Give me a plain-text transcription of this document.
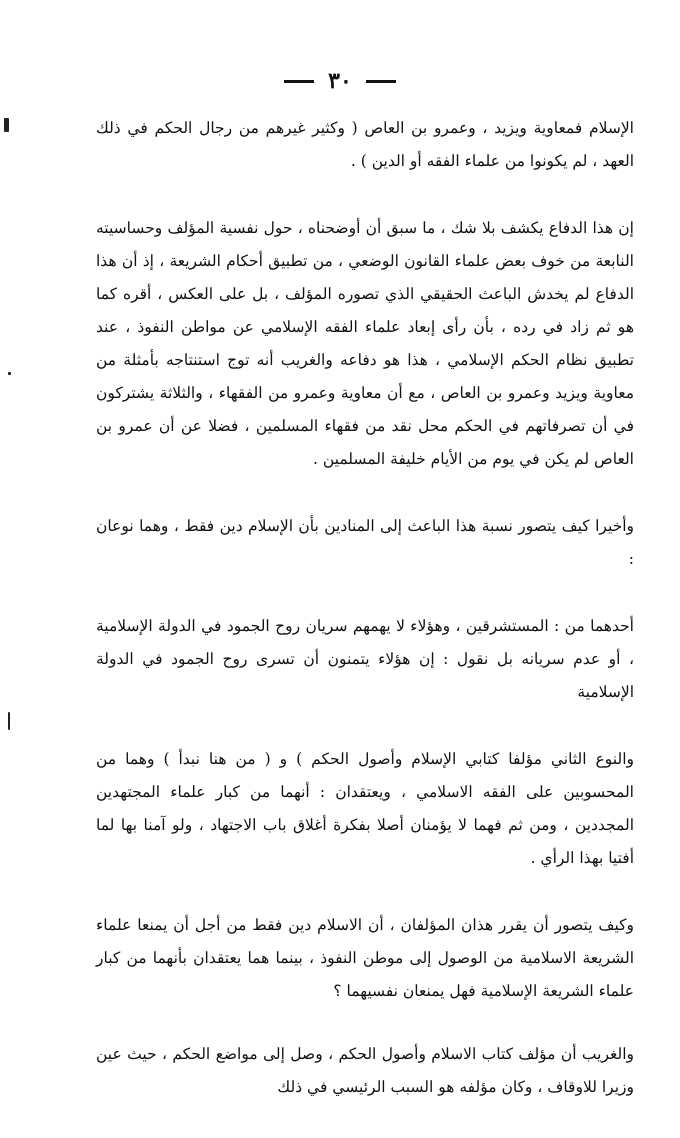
٣٠

الإسلام فمعاوية ويزيد ، وعمرو بن العاص ( وكثير غيرهم من رجال الحكم في ذلك العهد ، لم يكونوا من علماء الفقه أو الدين ) .

إن هذا الدفاع يكشف بلا شك ، ما سبق أن أوضحناه ، حول نفسية المؤلف وحساسيته النابعة من خوف بعض علماء القانون الوضعي ، من تطبيق أحكام الشريعة ، إذ أن هذا الدفاع لم يخدش الباعث الحقيقي الذي تصوره المؤلف ، بل على العكس ، أقره كما هو ثم زاد في رده ، بأن رأى إبعاد علماء الفقه الإسلامي عن مواطن النفوذ ، عند تطبيق نظام الحكم الإسلامي ، هذا هو دفاعه والغريب أنه توج استنتاجه بأمثلة من معاوية ويزيد وعمرو بن العاص ، مع أن معاوية وعمرو من الفقهاء ، والثلاثة يشتركون في أن تصرفاتهم في الحكم محل نقد من فقهاء المسلمين ، فضلا عن أن عمرو بن العاص لم يكن في يوم من الأيام خليفة المسلمين .

وأخيرا كيف يتصور نسبة هذا الباعث إلى المنادين بأن الإسلام دين فقط ، وهما نوعان :

أحدهما من : المستشرقين ، وهؤلاء لا يهمهم سريان روح الجمود في الدولة الإسلامية ، أو عدم سريانه بل نقول : إن هؤلاء يتمنون أن تسرى روح الجمود في الدولة الإسلامية

والنوع الثاني مؤلفا كتابي الإسلام وأصول الحكم ) و ( من هنا نبدأ ) وهما من المحسوبين على الفقه الاسلامي ، ويعتقدان : أنهما من كبار علماء المجتهدين المجددين ، ومن ثم فهما لا يؤمنان أصلا بفكرة أغلاق باب الاجتهاد ، ولو آمنا بها لما أفتيا بهذا الرأي .

وكيف يتصور أن يقرر هذان المؤلفان ، أن الاسلام دين فقط من أجل أن يمنعا علماء الشريعة الاسلامية من الوصول إلى موطن النفوذ ، بينما هما يعتقدان بأنهما من كبار علماء الشريعة الإسلامية فهل يمنعان نفسيهما ؟

والغريب أن مؤلف كتاب الاسلام وأصول الحكم ، وصل إلى مواضع الحكم ، حيث عين وزيرا للاوقاف ، وكان مؤلفه هو السبب الرئيسي في ذلك
